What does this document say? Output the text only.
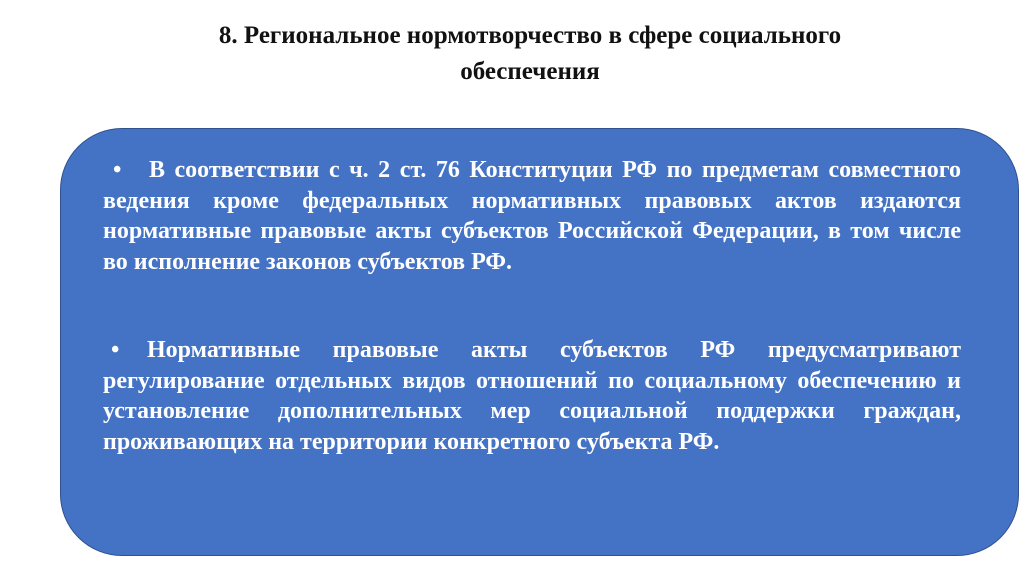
8. Региональное нормотворчество в сфере социального
обеспечения

• В соответствии с ч. 2 ст. 76 Конституции РФ по предметам совместного ведения кроме федеральных нормативных правовых актов издаются нормативные правовые акты субъектов Российской Федерации, в том числе во исполнение законов субъектов РФ.

• Нормативные правовые акты субъектов РФ предусматривают регулирование отдельных видов отношений по социальному обеспечению и установление дополнительных мер социальной поддержки граждан, проживающих на территории конкретного субъекта РФ.
